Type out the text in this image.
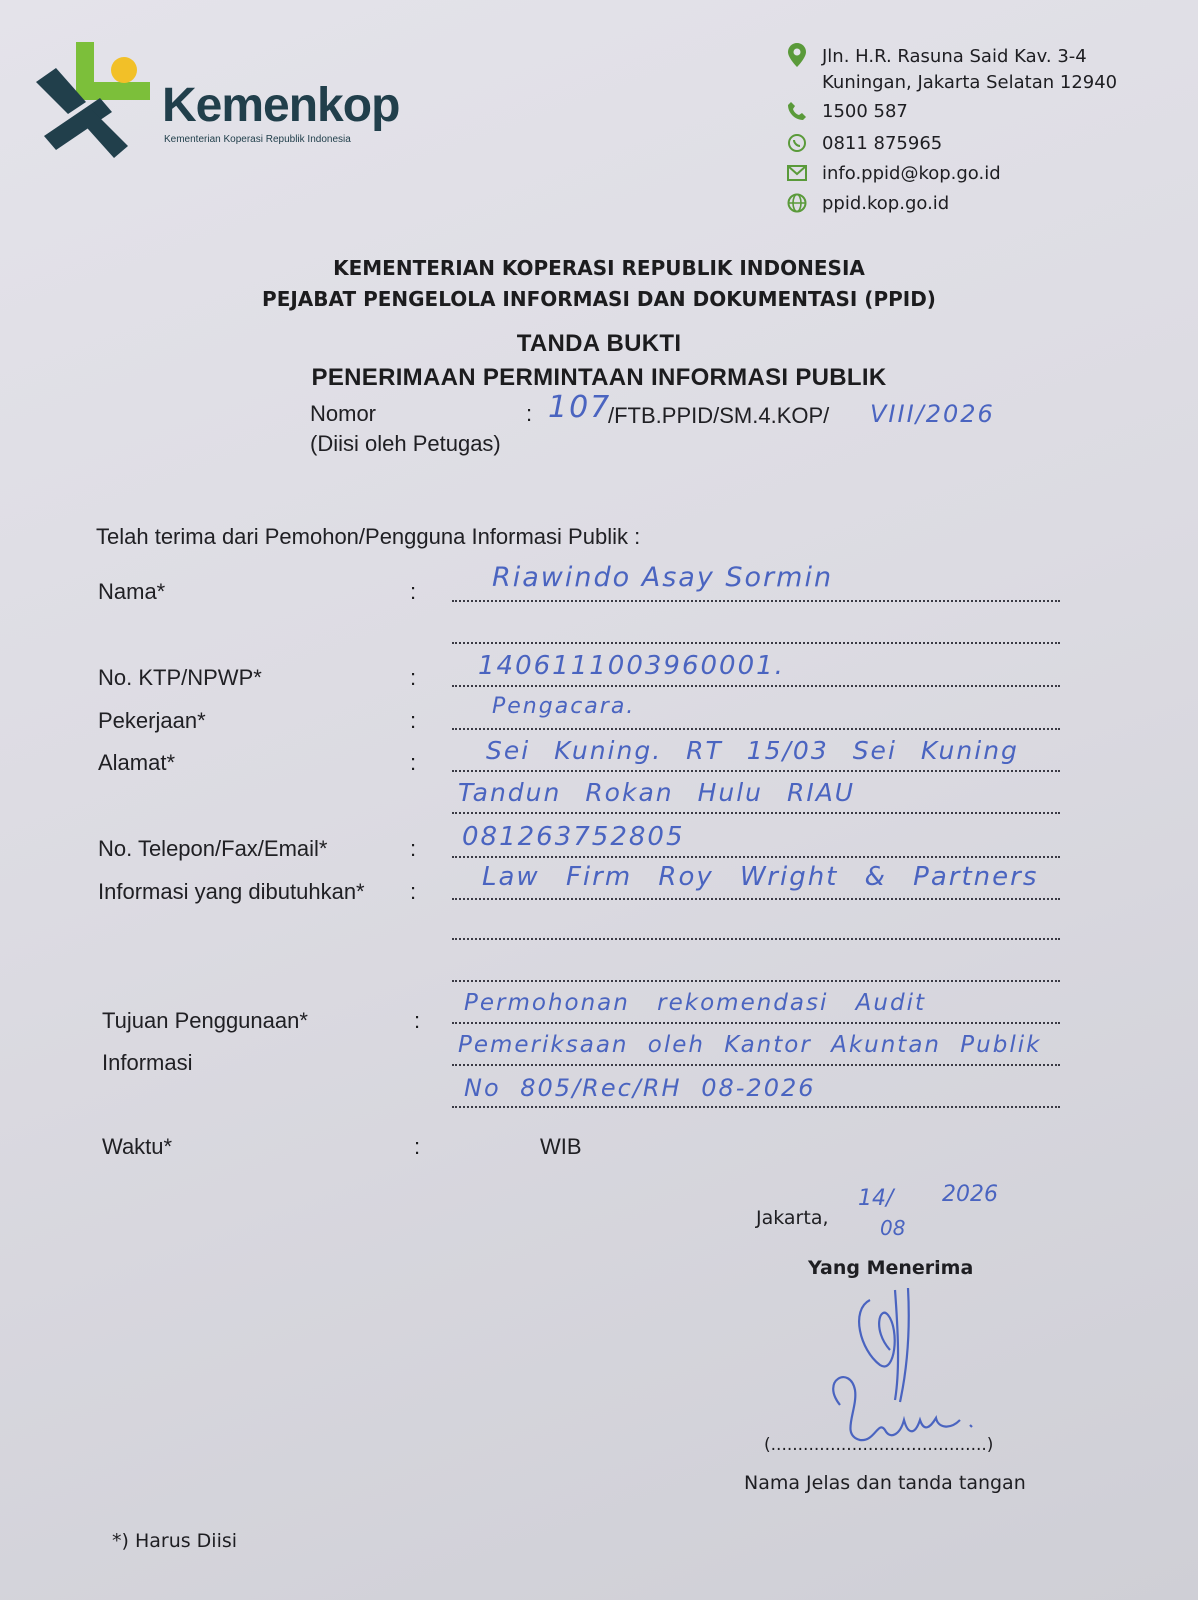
Kemenkop
Kementerian Koperasi Republik Indonesia
Jln. H.R. Rasuna Said Kav. 3-4
Kuningan, Jakarta Selatan 12940
1500 587
0811 875965
info.ppid@kop.go.id
ppid.kop.go.id
KEMENTERIAN KOPERASI REPUBLIK INDONESIA
PEJABAT PENGELOLA INFORMASI DAN DOKUMENTASI (PPID)
TANDA BUKTI
PENERIMAAN PERMINTAAN INFORMASI PUBLIK
Nomor
(Diisi oleh Petugas)
: 107
/FTB.PPID/SM.4.KOP/ VIII/2026
Telah terima dari Pemohon/Pengguna Informasi Publik :
Nama*	:	Riawindo Asay Sormin
No. KTP/NPWP*	: 1406111003960001.
Pekerjaan*	:
Pengacara.
Alamat*	:	Sei Kuning. RT 15/03 Sei Kuning
Tandun Rokan Hulu RIAU
No. Telepon/Fax/Email*	: 081263752805
Informasi yang dibutuhkan* :	Law Firm Roy Wright & Partners
Tujuan Penggunaan*
Informasi
:
Permohonan rekomendasi Audit
Pemeriksaan oleh Kantor Akuntan Publik
No 805/Rec/RH 08-2026
Waktu*	:	WIB
Jakarta,
14/
08
2026
Yang Menerima
(........................................)
Nama Jelas dan tanda tangan
*) Harus Diisi
